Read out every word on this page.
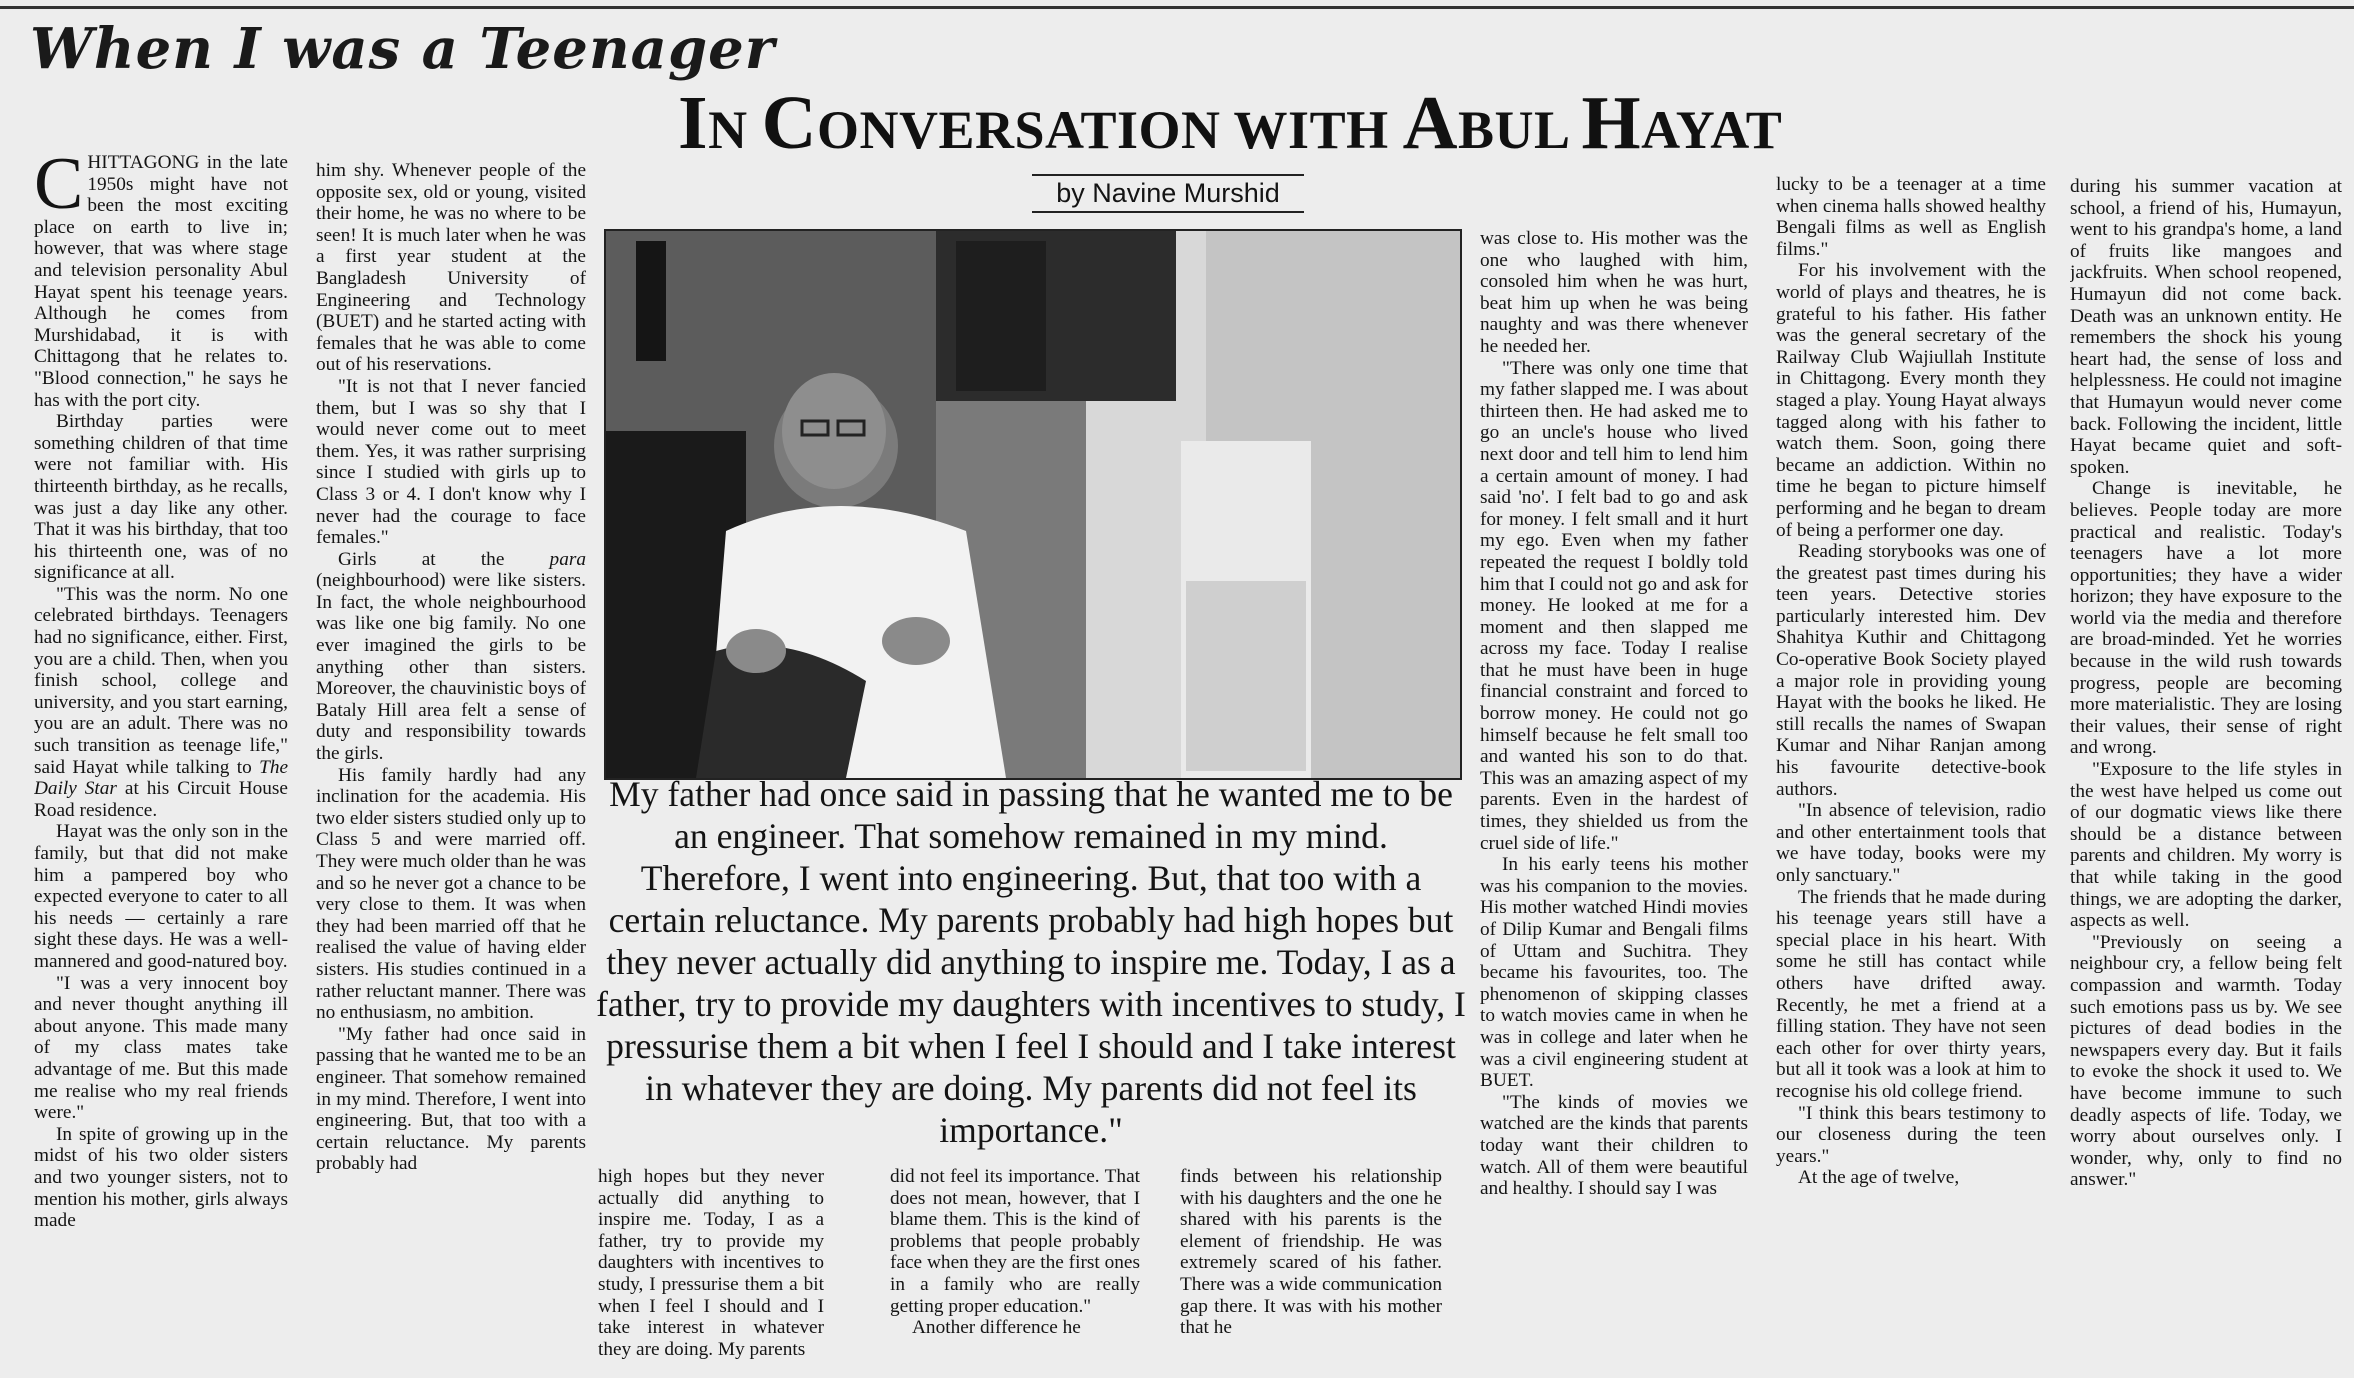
When I was a Teenager
IN CONVERSATION WITH ABUL HAYAT
by Navine Murshid

CHITTAGONG in the late 1950s might have not been the most exciting place on earth to live in; however, that was where stage and television personality Abul Hayat spent his teenage years. Although he comes from Murshidabad, it is with Chittagong that he relates to. "Blood connection," he says he has with the port city.

Birthday parties were something children of that time were not familiar with. His thirteenth birthday, as he recalls, was just a day like any other. That it was his birthday, that too his thirteenth one, was of no significance at all.

"This was the norm. No one celebrated birthdays. Teenagers had no significance, either. First, you are a child. Then, when you finish school, college and university, and you start earning, you are an adult. There was no such transition as teenage life," said Hayat while talking to The Daily Star at his Circuit House Road residence.

Hayat was the only son in the family, but that did not make him a pampered boy who expected everyone to cater to all his needs — certainly a rare sight these days. He was a well-mannered and good-natured boy.

"I was a very innocent boy and never thought anything ill about anyone. This made many of my class mates take advantage of me. But this made me realise who my real friends were."

In spite of growing up in the midst of his two older sisters and two younger sisters, not to mention his mother, girls always made

him shy. Whenever people of the opposite sex, old or young, visited their home, he was no where to be seen! It is much later when he was a first year student at the Bangladesh University of Engineering and Technology (BUET) and he started acting with females that he was able to come out of his reservations.

"It is not that I never fancied them, but I was so shy that I would never come out to meet them. Yes, it was rather surprising since I studied with girls up to Class 3 or 4. I don't know why I never had the courage to face females."

Girls at the para (neighbourhood) were like sisters. In fact, the whole neighbourhood was like one big family. No one ever imagined the girls to be anything other than sisters. Moreover, the chauvinistic boys of Bataly Hill area felt a sense of duty and responsibility towards the girls.

His family hardly had any inclination for the academia. His two elder sisters studied only up to Class 5 and were married off. They were much older than he was and so he never got a chance to be very close to them. It was when they had been married off that he realised the value of having elder sisters. His studies continued in a rather reluctant manner. There was no enthusiasm, no ambition.

"My father had once said in passing that he wanted me to be an engineer. That somehow remained in my mind. Therefore, I went into engineering. But, that too with a certain reluctance. My parents probably had

My father had once said in passing that he wanted me to be an engineer. That somehow remained in my mind. Therefore, I went into engineering. But, that too with a certain reluctance. My parents probably had high hopes but they never actually did anything to inspire me. Today, I as a father, try to provide my daughters with incentives to study, I pressurise them a bit when I feel I should and I take interest in whatever they are doing. My parents did not feel its importance."

high hopes but they never actually did anything to inspire me. Today, I as a father, try to provide my daughters with incentives to study, I pressurise them a bit when I feel I should and I take interest in whatever they are doing. My parents

did not feel its importance. That does not mean, however, that I blame them. This is the kind of problems that people probably face when they are the first ones in a family who are really getting proper education."

Another difference he

finds between his relationship with his daughters and the one he shared with his parents is the element of friendship. He was extremely scared of his father. There was a wide communication gap there. It was with his mother that he

was close to. His mother was the one who laughed with him, consoled him when he was hurt, beat him up when he was being naughty and was there whenever he needed her.

"There was only one time that my father slapped me. I was about thirteen then. He had asked me to go an uncle's house who lived next door and tell him to lend him a certain amount of money. I had said 'no'. I felt bad to go and ask for money. I felt small and it hurt my ego. Even when my father repeated the request I boldly told him that I could not go and ask for money. He looked at me for a moment and then slapped me across my face. Today I realise that he must have been in huge financial constraint and forced to borrow money. He could not go himself because he felt small too and wanted his son to do that. This was an amazing aspect of my parents. Even in the hardest of times, they shielded us from the cruel side of life."

In his early teens his mother was his companion to the movies. His mother watched Hindi movies of Dilip Kumar and Bengali films of Uttam and Suchitra. They became his favourites, too. The phenomenon of skipping classes to watch movies came in when he was in college and later when he was a civil engineering student at BUET.

"The kinds of movies we watched are the kinds that parents today want their children to watch. All of them were beautiful and healthy. I should say I was

lucky to be a teenager at a time when cinema halls showed healthy Bengali films as well as English films."

For his involvement with the world of plays and theatres, he is grateful to his father. His father was the general secretary of the Railway Club Wajiullah Institute in Chittagong. Every month they staged a play. Young Hayat always tagged along with his father to watch them. Soon, going there became an addiction. Within no time he began to picture himself performing and he began to dream of being a performer one day.

Reading storybooks was one of the greatest past times during his teen years. Detective stories particularly interested him. Dev Shahitya Kuthir and Chittagong Co-operative Book Society played a major role in providing young Hayat with the books he liked. He still recalls the names of Swapan Kumar and Nihar Ranjan among his favourite detective-book authors.

"In absence of television, radio and other entertainment tools that we have today, books were my only sanctuary."

The friends that he made during his teenage years still have a special place in his heart. With some he still has contact while others have drifted away. Recently, he met a friend at a filling station. They have not seen each other for over thirty years, but all it took was a look at him to recognise his old college friend.

"I think this bears testimony to our closeness during the teen years."

At the age of twelve,

during his summer vacation at school, a friend of his, Humayun, went to his grandpa's home, a land of fruits like mangoes and jackfruits. When school reopened, Humayun did not come back. Death was an unknown entity. He remembers the shock his young heart had, the sense of loss and helplessness. He could not imagine that Humayun would never come back. Following the incident, little Hayat became quiet and soft-spoken.

Change is inevitable, he believes. People today are more practical and realistic. Today's teenagers have a lot more opportunities; they have a wider horizon; they have exposure to the world via the media and therefore are broad-minded. Yet he worries because in the wild rush towards progress, people are becoming more materialistic. They are losing their values, their sense of right and wrong.

"Exposure to the life styles in the west have helped us come out of our dogmatic views like there should be a distance between parents and children. My worry is that while taking in the good things, we are adopting the darker, aspects as well.

"Previously on seeing a neighbour cry, a fellow being felt compassion and warmth. Today such emotions pass us by. We see pictures of dead bodies in the newspapers every day. But it fails to evoke the shock it used to. We have become immune to such deadly aspects of life. Today, we worry about ourselves only. I wonder, why, only to find no answer."
